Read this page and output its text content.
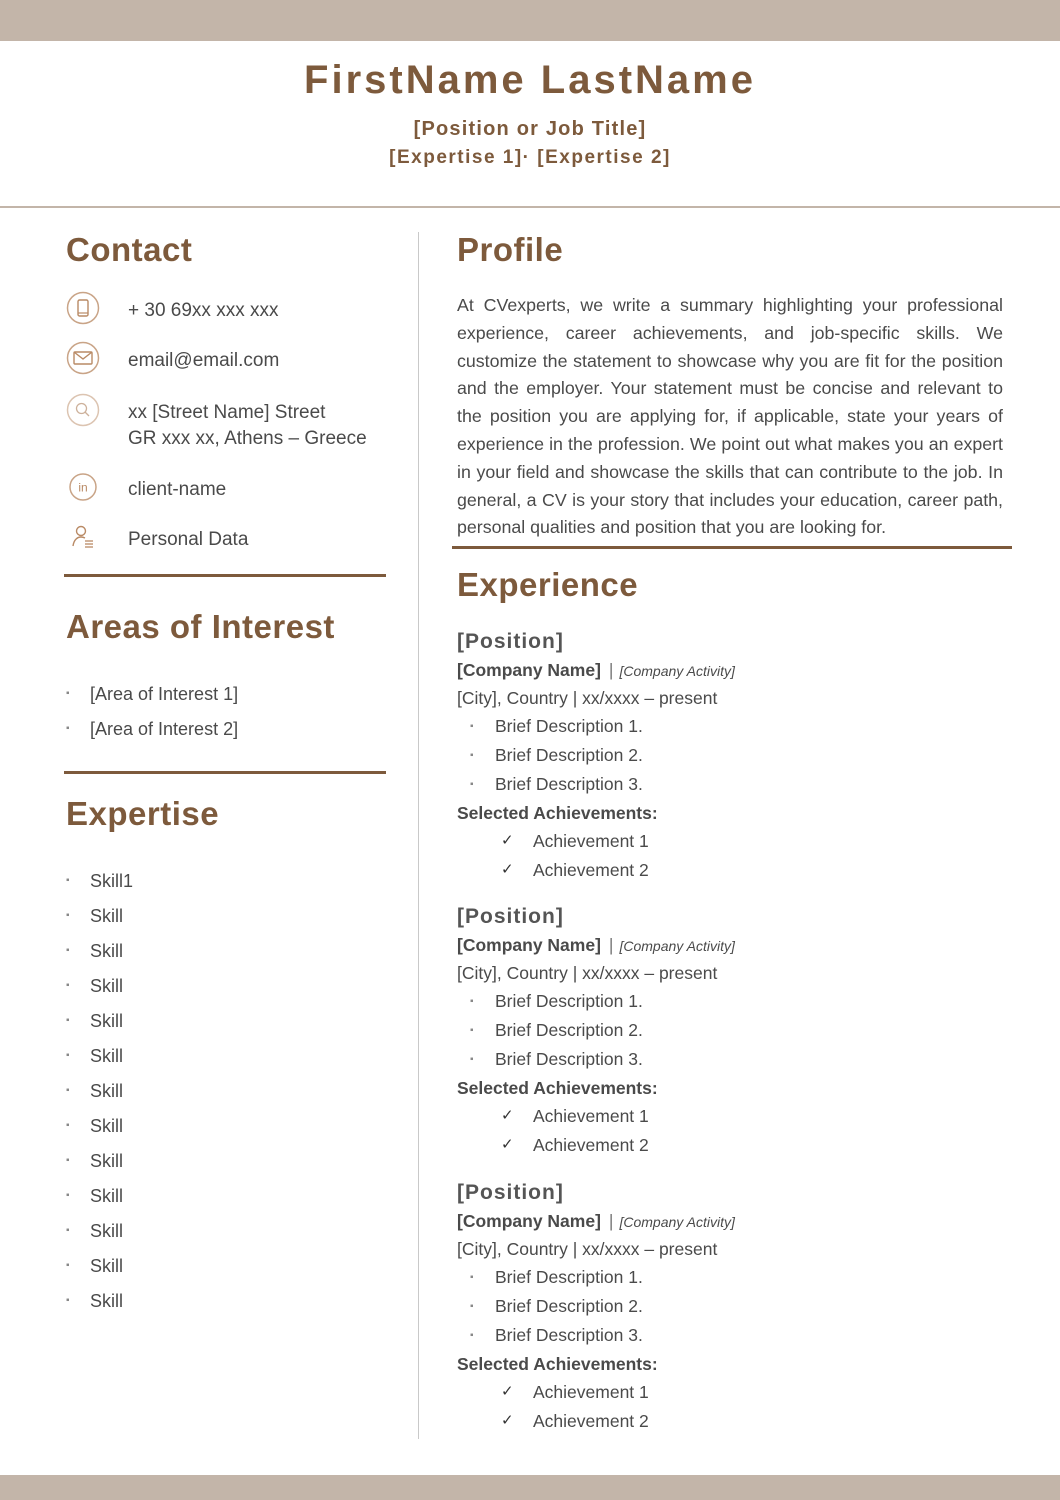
FirstName LastName
[Position or Job Title]
[Expertise 1]· [Expertise 2]
Contact
+ 30 69xx xxx xxx
email@email.com
xx [Street Name] Street
GR xxx xx, Athens – Greece
in client-name
Personal Data
Areas of Interest
▪ [Area of Interest 1]
▪ [Area of Interest 2]
Expertise
▪ Skill1
▪ Skill
▪ Skill
▪ Skill
▪ Skill
▪ Skill
▪ Skill
▪ Skill
▪ Skill
▪ Skill
▪ Skill
▪ Skill
▪ Skill
Profile

At CVexperts, we write a summary highlighting your professional experience, career achievements, and job-specific skills. We customize the statement to showcase why you are fit for the position and the employer. Your statement must be concise and relevant to the position you are applying for, if applicable, state your years of experience in the profession. We point out what makes you an expert in your field and showcase the skills that can contribute to the job. In general, a CV is your story that includes your education, career path, personal qualities and position that you are looking for.

Experience
[Position]
[Company Name] | [Company Activity]
[City], Country | xx/xxxx – present
▪ Brief Description 1.
▪ Brief Description 2.
▪ Brief Description 3.
Selected Achievements:
✓ Achievement 1
✓ Achievement 2
[Position]
[Company Name] | [Company Activity]
[City], Country | xx/xxxx – present
▪ Brief Description 1.
▪ Brief Description 2.
▪ Brief Description 3.
Selected Achievements:
✓ Achievement 1
✓ Achievement 2
[Position]
[Company Name] | [Company Activity]
[City], Country | xx/xxxx – present
▪ Brief Description 1.
▪ Brief Description 2.
▪ Brief Description 3.
Selected Achievements:
✓ Achievement 1
✓ Achievement 2
